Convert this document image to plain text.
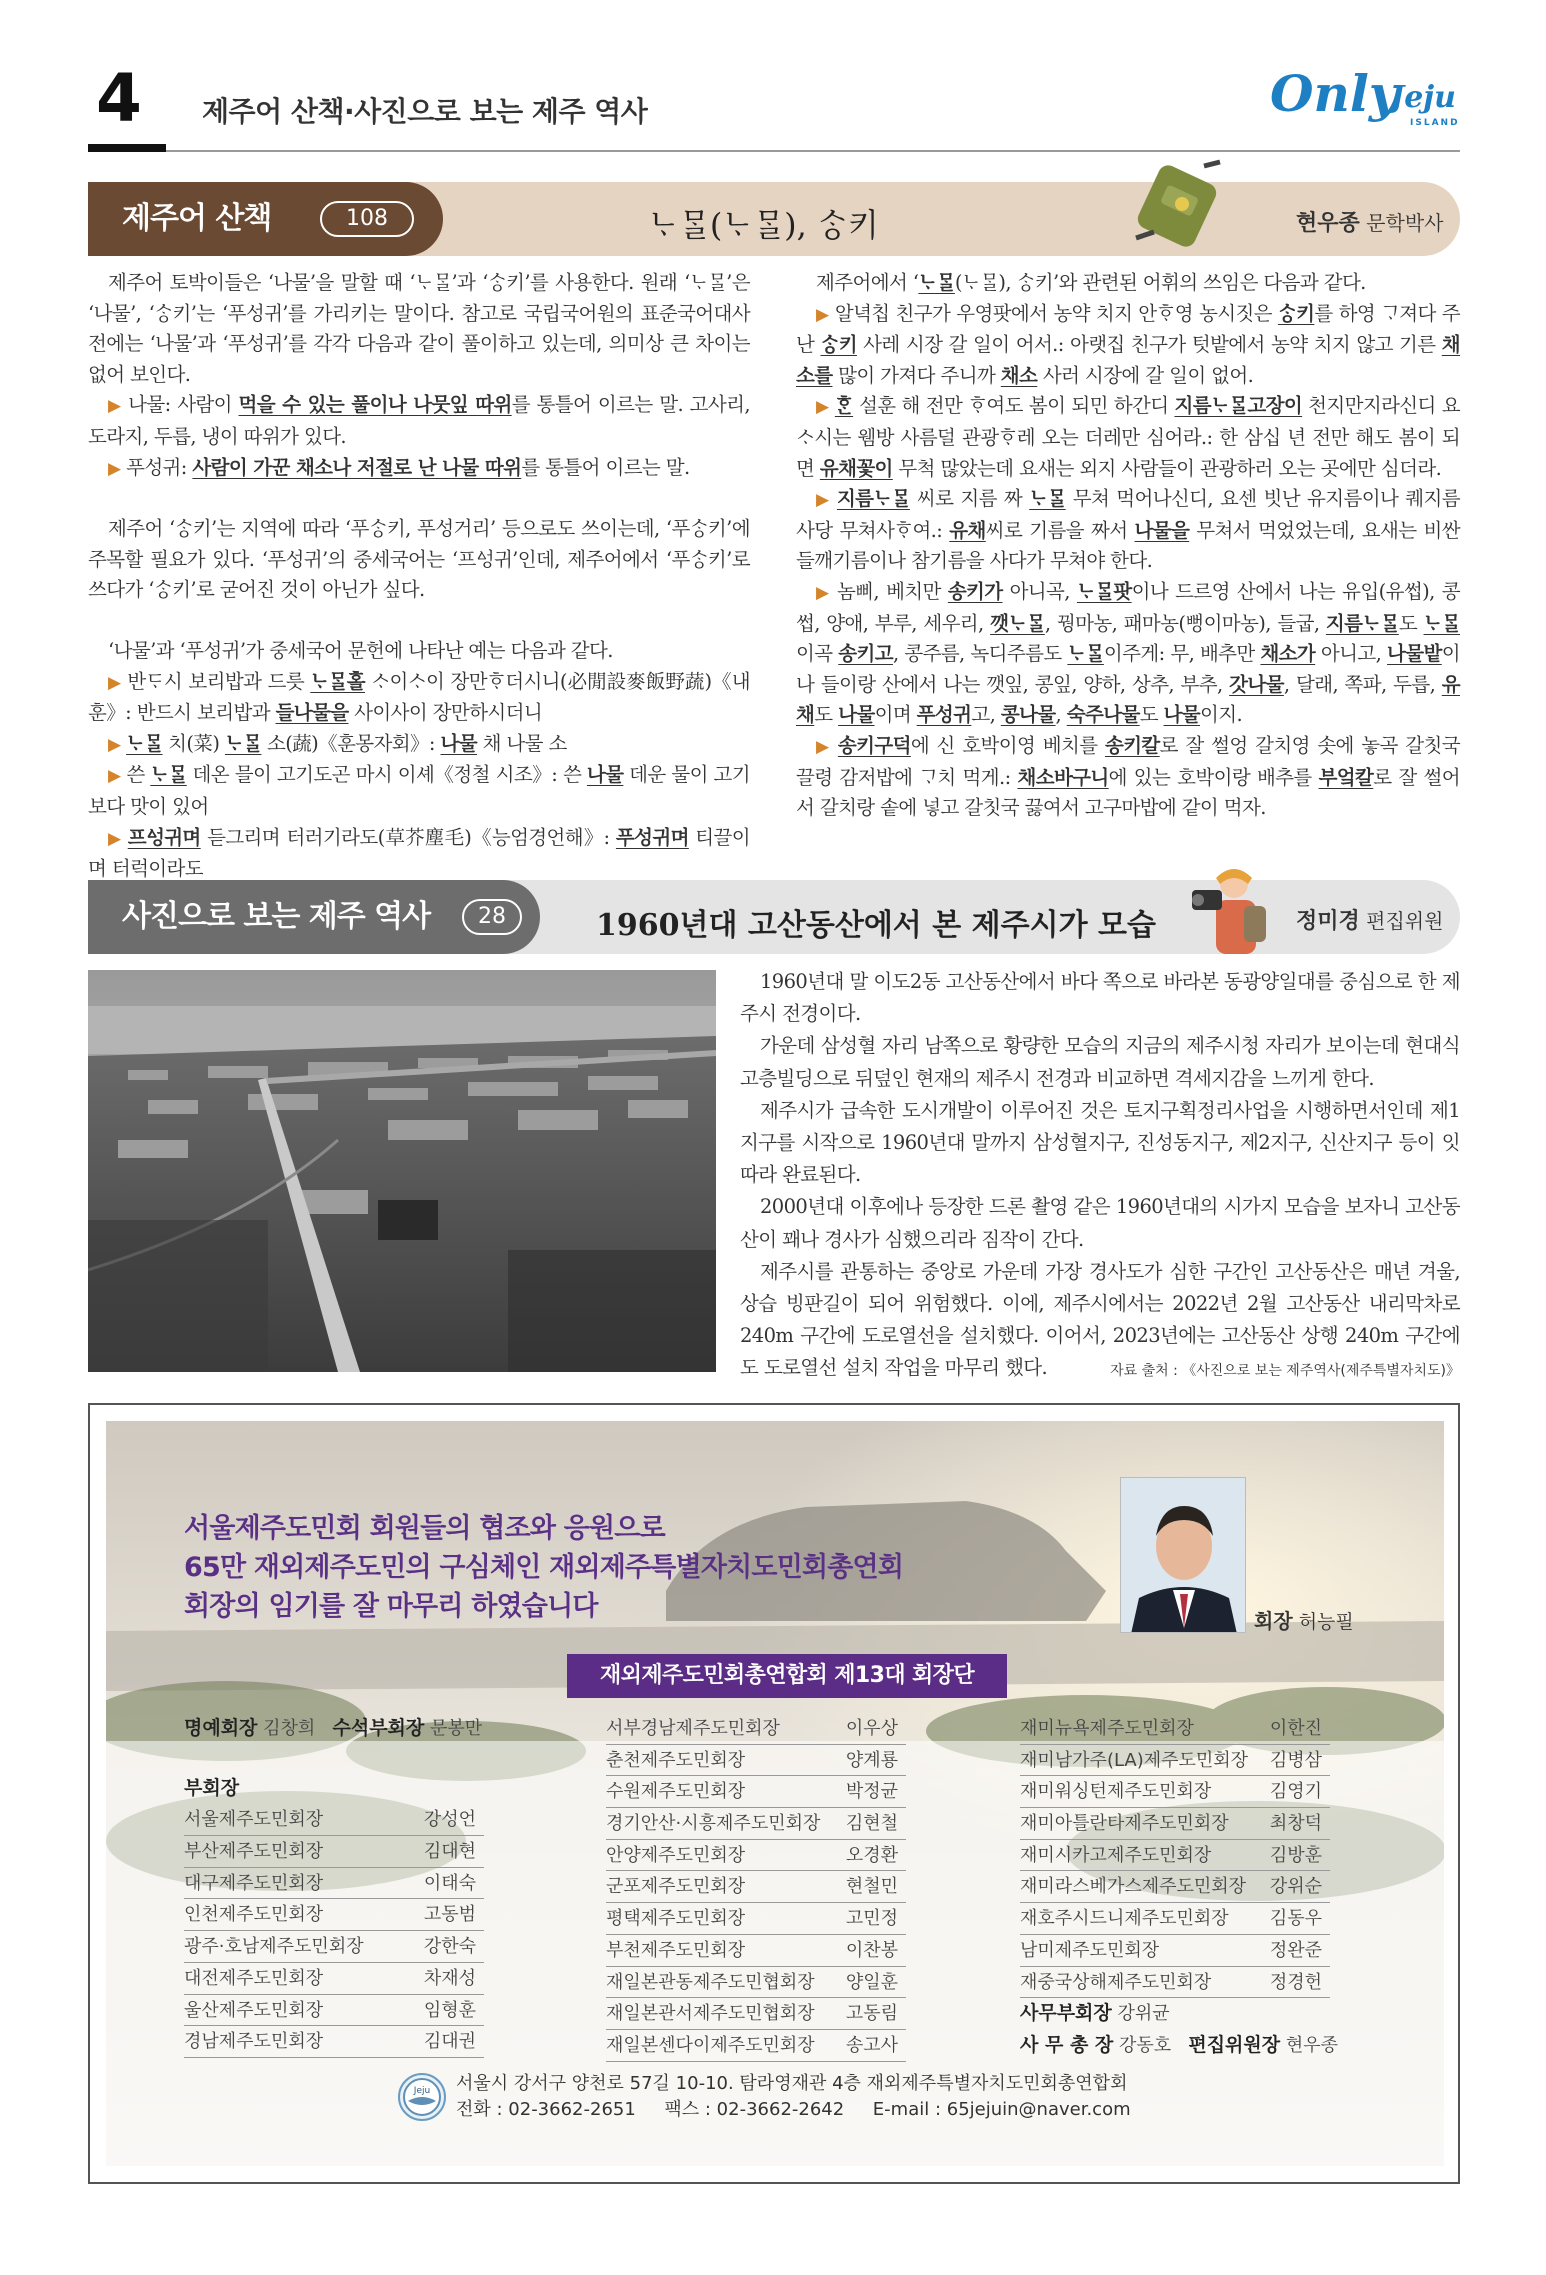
4 제주어 산책·사진으로 보는 제주 역사	Only
Jeju
ISLAND
제주어 산책	108	ᄂᆞᄆᆞᆯ(ᄂᆞᄆᆞᆯ), ᄉᆞᆼ키	현우종 문학박사

제주어 토박이들은 ‘나물’을 말할 때 ‘ᄂᆞᄆᆞᆯ’과 ‘ᄉᆞᆼ키’를 사용한다. 원래 ‘ᄂᆞᄆᆞᆯ’은 ‘나물’, ‘ᄉᆞᆼ키’는 ‘푸성귀’를 가리키는 말이다. 참고로 국립국어원의 표준국어대사전에는 ‘나물’과 ‘푸성귀’를 각각 다음과 같이 풀이하고 있는데, 의미상 큰 차이는 없어 보인다.

▶ 나물: 사람이 먹을 수 있는 풀이나 나뭇잎 따위를 통틀어 이르는 말. 고사리, 도라지, 두릅, 냉이 따위가 있다.

▶ 푸성귀: 사람이 가꾼 채소나 저절로 난 나물 따위를 통틀어 이르는 말.

제주어 ‘ᄉᆞᆼ키’는 지역에 따라 ‘푸ᄉᆞᆼ키, 푸성거리’ 등으로도 쓰이는데, ‘푸ᄉᆞᆼ키’에 주목할 필요가 있다. ‘푸성귀’의 중세국어는 ‘프ᅀᅥᆼ귀’인데, 제주어에서 ‘푸ᄉᆞᆼ키’로 쓰다가 ‘ᄉᆞᆼ키’로 굳어진 것이 아닌가 싶다.

‘나물’과 ‘푸성귀’가 중세국어 문헌에 나타난 예는 다음과 같다.

▶ 반ᄃᆞ시 보리밥과 드릇 ᄂᆞᄆᆞᆯ홀 ᄉᆞ이ᄉᆞ이 장만ᄒᆞ더시니(必閒設麥飯野蔬)《내훈》: 반드시 보리밥과 들나물을 사이사이 장만하시더니

▶ ᄂᆞᄆᆞᆯ 치(菜) ᄂᆞᄆᆞᆯ 소(蔬)《훈몽자회》: 나물 채 나물 소

▶ 쓴 ᄂᆞᄆᆞᆯ 데온 믈이 고기도곤 마시 이셰《정철 시조》: 쓴 나물 데운 물이 고기보다 맛이 있어

▶ 프ᅀᅥᆼ귀며 듣그리며 터러기라도(草芥塵毛)《능엄경언해》: 푸성귀며 티끌이며 터럭이라도

제주어에서 ‘ᄂᆞᄆᆞᆯ(ᄂᆞᄆᆞᆯ), ᄉᆞᆼ키’와 관련된 어휘의 쓰임은 다음과 같다.

▶ 알녁칩 친구가 우영팟에서 농약 치지 안ᄒᆞ영 농시짓은 ᄉᆞᆼ키를 하영 ᄀᆞ져다 주난 ᄉᆞᆼ키 사레 시장 갈 일이 어서.: 아랫집 친구가 텃밭에서 농약 치지 않고 기른 채소를 많이 가져다 주니까 채소 사러 시장에 갈 일이 없어.

▶ ᄒᆞᆫ 설훈 해 전만 ᄒᆞ여도 봄이 되민 하간디 지름ᄂᆞᄆᆞᆯ고장이 천지만지라신디 요ᄉᆞ시는 웸방 사름덜 관광ᄒᆞ레 오는 더레만 심어라.: 한 삼십 년 전만 해도 봄이 되면 유채꽃이 무척 많았는데 요새는 외지 사람들이 관광하러 오는 곳에만 심더라.

▶ 지름ᄂᆞᄆᆞᆯ 씨로 지름 짜 ᄂᆞᄆᆞᆯ 무쳐 먹어나신디, 요센 빗난 유지름이나 퀘지름 사당 무쳐사ᄒᆞ여.: 유채씨로 기름을 짜서 나물을 무쳐서 먹었었는데, 요새는 비싼 들깨기름이나 참기름을 사다가 무쳐야 한다.

▶ 놈삐, 베치만 송키가 아니곡, ᄂᆞᄆᆞᆯ팟이나 드르영 산에서 나는 유입(유썹), 콩썹, 양애, 부루, 세우리, 깻ᄂᆞᄆᆞᆯ, 꿩마농, 패마농(뻥이마농), 들굽, 지름ᄂᆞᄆᆞᆯ도 ᄂᆞᄆᆞᆯ이곡 송키고, 콩주름, 녹디주름도 ᄂᆞᄆᆞᆯ이주게: 무, 배추만 채소가 아니고, 나물밭이나 들이랑 산에서 나는 깻잎, 콩잎, 양하, 상추, 부추, 갓나물, 달래, 쪽파, 두릅, 유채도 나물이며 푸성귀고, 콩나물, 숙주나물도 나물이지.

▶ 송키구덕에 신 호박이영 베치를 송키칼로 잘 썰엉 갈치영 솟에 놓곡 갈칫국 끌령 감저밥에 ᄀᆞ치 먹게.: 채소바구니에 있는 호박이랑 배추를 부엌칼로 잘 썰어서 갈치랑 솥에 넣고 갈칫국 끓여서 고구마밥에 같이 먹자.

사진으로 보는 제주 역사	28	1960년대 고산동산에서 본 제주시가 모습	정미경 편집위원

1960년대 말 이도2동 고산동산에서 바다 쪽으로 바라본 동광양일대를 중심으로 한 제주시 전경이다.

가운데 삼성혈 자리 남쪽으로 황량한 모습의 지금의 제주시청 자리가 보이는데 현대식 고층빌딩으로 뒤덮인 현재의 제주시 전경과 비교하면 격세지감을 느끼게 한다.

제주시가 급속한 도시개발이 이루어진 것은 토지구획정리사업을 시행하면서인데 제1지구를 시작으로 1960년대 말까지 삼성혈지구, 진성동지구, 제2지구, 신산지구 등이 잇따라 완료된다.

2000년대 이후에나 등장한 드론 촬영 같은 1960년대의 시가지 모습을 보자니 고산동산이 꽤나 경사가 심했으리라 짐작이 간다.

제주시를 관통하는 중앙로 가운데 가장 경사도가 심한 구간인 고산동산은 매년 겨울, 상습 빙판길이 되어 위험했다. 이에, 제주시에서는 2022년 2월 고산동산 내리막차로 240m 구간에 도로열선을 설치했다. 이어서, 2023년에는 고산동산 상행 240m 구간에도 도로열선 설치 작업을 마무리 했다.	자료 출처 : 《사진으로 보는 제주역사(제주특별자치도)》
서울제주도민회 회원들의 협조와 응원으로
65만 재외제주도민의 구심체인 재외제주특별자치도민회총연회
회장의 임기를 잘 마무리 하였습니다	회장 허능필
재외제주도민회총연합회 제13대 회장단
명예회장 김창희 수석부회장 문봉만
부회장
서울제주도민회장	강성언
부산제주도민회장	김대현
대구제주도민회장	이태숙
인천제주도민회장	고동범
광주·호남제주도민회장	강한숙
대전제주도민회장	차재성
울산제주도민회장	임형훈
경남제주도민회장	김대권
서부경남제주도민회장	이우상
춘천제주도민회장	양계룡
수원제주도민회장	박정균
경기안산·시흥제주도민회장 김현철
안양제주도민회장	오경환
군포제주도민회장	현철민
평택제주도민회장	고민정
부천제주도민회장	이찬봉
재일본관동제주도민협회장 양일훈
재일본관서제주도민협회장 고동림
재일본센다이제주도민회장 송고사
재미뉴욕제주도민회장	이한진
재미남가주(LA)제주도민회장 김병삼
재미워싱턴제주도민회장	김영기
재미아틀란타제주도민회장 최창덕
재미시카고제주도민회장	김방훈
재미라스베가스제주도민회장 강위순
재호주시드니제주도민회장 김동우
남미제주도민회장	정완준
재중국상해제주도민회장	정경헌
사무부회장 강위균
사 무 총 장 강동호 편집위원장 현우종
Jeju 서울시 강서구 양천로 57길 10-10. 탐라영재관 4층 재외제주특별자치도민회총연합회
전화 : 02-3662-2651     팩스 : 02-3662-2642     E-mail : 65jejuin@naver.com
